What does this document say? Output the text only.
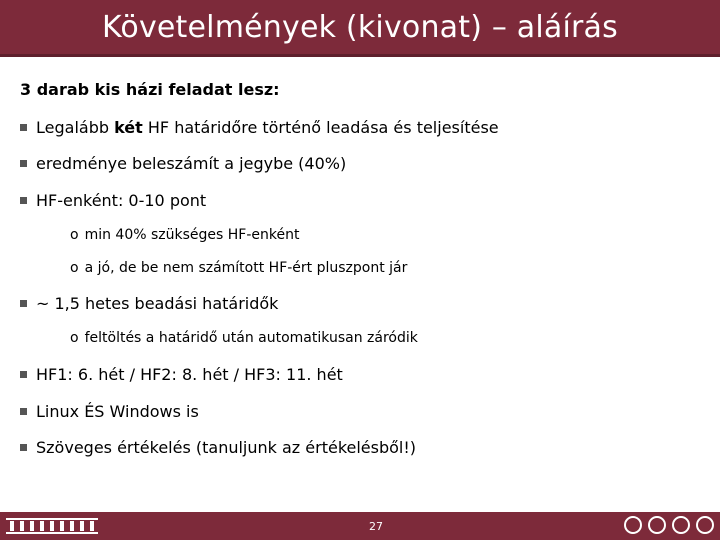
Követelmények (kivonat) – aláírás
3 darab kis házi feladat lesz:
Legalább két HF határidőre történő leadása és teljesítése
eredménye beleszámít a jegybe (40%)
HF-enként: 0-10 pont
o min 40% szükséges HF-enként
o a jó, de be nem számított HF-ért pluszpont jár
~ 1,5 hetes beadási határidők
o feltöltés a határidő után automatikusan záródik
HF1: 6. hét / HF2: 8. hét / HF3: 11. hét
Linux ÉS Windows is
Szöveges értékelés (tanuljunk az értékelésből!)
27
